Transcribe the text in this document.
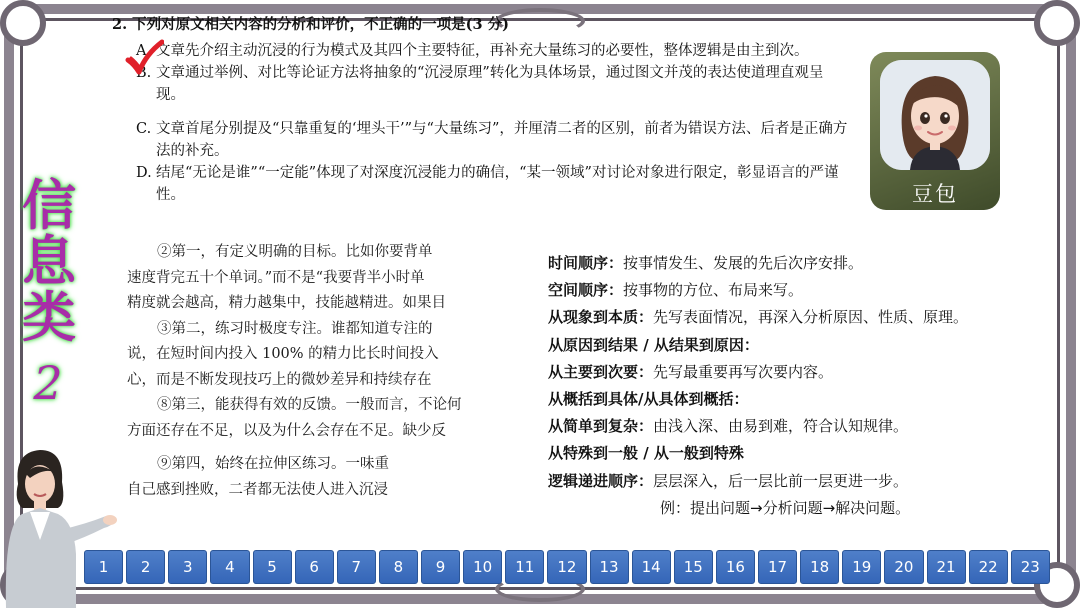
2. 下列对原文相关内容的分析和评价，不正确的一项是(3 分)
A 文章先介绍主动沉浸的行为模式及其四个主要特征，再补充大量练习的必要性，整体逻辑是由主到次。
B. 文章通过举例、对比等论证方法将抽象的“沉浸原理”转化为具体场景，通过图文并茂的表达使道理直观呈现。
C. 文章首尾分别提及“只靠重复的‘埋头干’”与“大量练习”，并厘清二者的区别，前者为错误方法、后者是正确方法的补充。
D. 结尾“无论是谁”“一定能”体现了对深度沉浸能力的确信，“某一领域”对讨论对象进行限定，彰显语言的严谨性。	豆包
信
息
类
2

②第一，有定义明确的目标。比如你要背单

速度背完五十个单词。”而不是“我要背半小时单

精度就会越高，精力越集中，技能越精进。如果目

③第二，练习时极度专注。谁都知道专注的

说，在短时间内投入 100% 的精力比长时间投入

心，而是不断发现技巧上的微妙差异和持续存在

⑧第三，能获得有效的反馈。一般而言，不论何

方面还存在不足，以及为什么会存在不足。缺少反

⑨第四，始终在拉伸区练习。一味重

自己感到挫败，二者都无法使人进入沉浸

时间顺序：按事情发生、发展的先后次序安排。
空间顺序：按事物的方位、布局来写。
从现象到本质：先写表面情况，再深入分析原因、性质、原理。
从原因到结果 / 从结果到原因：
从主要到次要：先写最重要再写次要内容。
从概括到具体/从具体到概括：
从简单到复杂：由浅入深、由易到难，符合认知规律。
从特殊到一般 / 从一般到特殊
逻辑递进顺序：层层深入，后一层比前一层更进一步。
例：提出问题→分析问题→解决问题。
1	2	3	4	5	6	7	8	9	10	11	12	13	14	15	16	17	18	19	20	21	22	23
